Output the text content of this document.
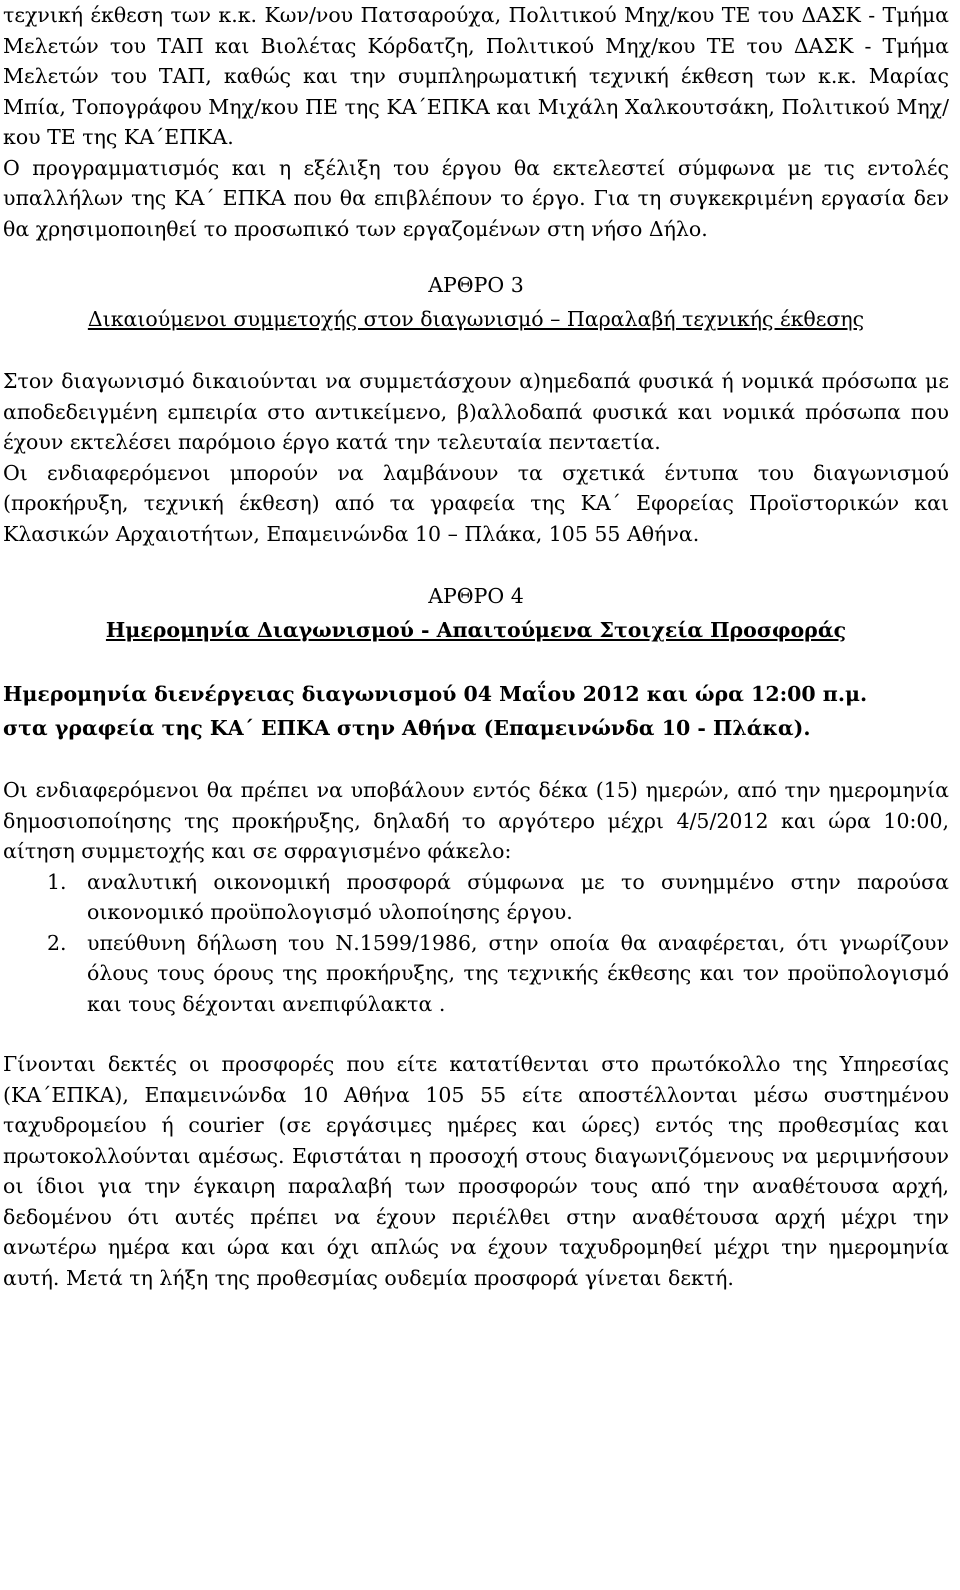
τεχνική έκθεση των κ.κ. Κων/νου Πατσαρούχα, Πολιτικού Μηχ/κου ΤΕ του ΔΑΣΚ - Τμήμα Μελετών του ΤΑΠ και Βιολέτας Κόρδατζη, Πολιτικού Μηχ/κου ΤΕ του ΔΑΣΚ - Τμήμα Μελετών του ΤΑΠ, καθώς και την συμπληρωματική τεχνική έκθεση των κ.κ. Μαρίας Μπία, Τοπογράφου Μηχ/κου ΠΕ της ΚΑ΄ΕΠΚΑ και Μιχάλη Χαλκουτσάκη, Πολιτικού Μηχ/κου ΤΕ της ΚΑ΄ΕΠΚΑ.

Ο προγραμματισμός και η εξέλιξη του έργου θα εκτελεστεί σύμφωνα με τις εντολές υπαλλήλων της ΚΑ΄ ΕΠΚΑ που θα επιβλέπουν το έργο. Για τη συγκεκριμένη εργασία δεν θα χρησιμοποιηθεί το προσωπικό των εργαζομένων στη νήσο Δήλο.

ΑΡΘΡΟ 3

Δικαιούμενοι συμμετοχής στον διαγωνισμό – Παραλαβή τεχνικής έκθεσης

Στον διαγωνισμό δικαιούνται να συμμετάσχουν α)ημεδαπά φυσικά ή νομικά πρόσωπα με αποδεδειγμένη εμπειρία στο αντικείμενο, β)αλλοδαπά φυσικά και νομικά πρόσωπα που έχουν εκτελέσει παρόμοιο έργο κατά την τελευταία πενταετία.

Οι ενδιαφερόμενοι μπορούν να λαμβάνουν τα σχετικά έντυπα του διαγωνισμού (προκήρυξη, τεχνική έκθεση) από τα γραφεία της ΚΑ΄ Εφορείας Προϊστορικών και Κλασικών Αρχαιοτήτων, Επαμεινώνδα 10 – Πλάκα, 105 55 Αθήνα.

ΑΡΘΡΟ 4

Ημερομηνία Διαγωνισμού - Απαιτούμενα Στοιχεία Προσφοράς

Ημερομηνία διενέργειας διαγωνισμού 04 Μαΐου 2012 και ώρα 12:00 π.μ.

στα γραφεία της ΚΑ΄ ΕΠΚΑ στην Αθήνα (Επαμεινώνδα 10 - Πλάκα).

Οι ενδιαφερόμενοι θα πρέπει να υποβάλουν εντός δέκα (15) ημερών, από την ημερομηνία δημοσιοποίησης της προκήρυξης, δηλαδή το αργότερο μέχρι 4/5/2012 και ώρα 10:00, αίτηση συμμετοχής και σε σφραγισμένο φάκελο:

1. αναλυτική οικονομική προσφορά σύμφωνα με το συνημμένο στην παρούσα οικονομικό προϋπολογισμό υλοποίησης έργου.
2. υπεύθυνη δήλωση του Ν.1599/1986, στην οποία θα αναφέρεται, ότι γνωρίζουν όλους τους όρους της προκήρυξης, της τεχνικής έκθεσης και τον προϋπολογισμό και τους δέχονται ανεπιφύλακτα .

Γίνονται δεκτές οι προσφορές που είτε κατατίθενται στο πρωτόκολλο της Υπηρεσίας (ΚΑ΄ΕΠΚΑ), Επαμεινώνδα 10 Αθήνα 105 55 είτε αποστέλλονται μέσω συστημένου ταχυδρομείου ή courier (σε εργάσιμες ημέρες και ώρες) εντός της προθεσμίας και πρωτοκολλούνται αμέσως. Εφιστάται η προσοχή στους διαγωνιζόμενους να μεριμνήσουν οι ίδιοι για την έγκαιρη παραλαβή των προσφορών τους από την αναθέτουσα αρχή, δεδομένου ότι αυτές πρέπει να έχουν περιέλθει στην αναθέτουσα αρχή μέχρι την ανωτέρω ημέρα και ώρα και όχι απλώς να έχουν ταχυδρομηθεί μέχρι την ημερομηνία αυτή. Μετά τη λήξη της προθεσμίας ουδεμία προσφορά γίνεται δεκτή.
